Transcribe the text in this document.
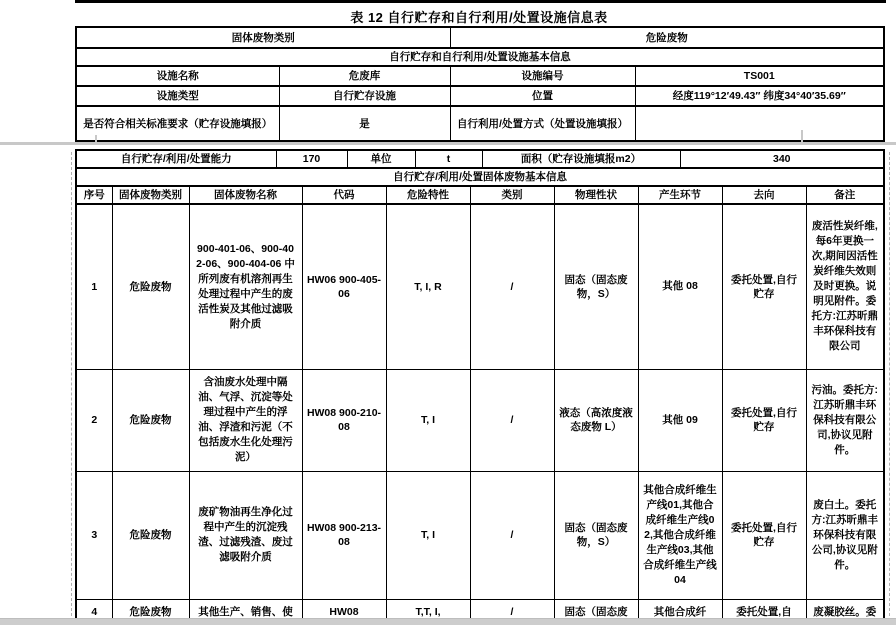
表 12 自行贮存和自行利用/处置设施信息表
固体废物类别		危险废物	
自行贮存和自行利用/处置设施基本信息			
设施名称	危废库	设施编号	TS001
设施类型	自行贮存设施	位置	经度119°12′49.43″ 纬度34°40′35.69″
是否符合相关标准要求（贮存设施填报）	是	自行利用/处置方式（处置设施填报）	
自行贮存/利用/处置能力	170	单位	t	面积（贮存设施填报m2）	340
自行贮存/利用/处置固体废物基本信息									
序号	固体废物类别	固体废物名称	代码	危险特性	类别	物理性状	产生环节	去向	备注
1	危险废物	900-401-06、900-402-06、900-404-06 中所列废有机溶剂再生处理过程中产生的废活性炭及其他过滤吸附介质	HW06 900-405-06	T, I, R	/	固态（固态废物，S）	其他 08	委托处置,自行贮存	废活性炭纤维,每6年更换一次,期间因活性炭纤维失效则及时更换。说明见附件。委托方:江苏昕鼎丰环保科技有限公司
2	危险废物	含油废水处理中隔油、气浮、沉淀等处理过程中产生的浮油、浮渣和污泥（不包括废水生化处理污泥）	HW08 900-210-08	T, I	/	液态（高浓度液态废物 L）	其他 09	委托处置,自行贮存	污油。委托方:江苏昕鼎丰环保科技有限公司,协议见附件。
3	危险废物	废矿物油再生净化过程中产生的沉淀残渣、过滤残渣、废过滤吸附介质	HW08 900-213-08	T, I	/	固态（固态废物，S）	其他合成纤维生产线01,其他合成纤维生产线02,其他合成纤维生产线03,其他合成纤维生产线04	委托处置,自行贮存	废白土。委托方:江苏昕鼎丰环保科技有限公司,协议见附件。
4	危险废物	其他生产、销售、使	HW08	T,T, I,	/	固态（固态废	其他合成纤	委托处置,自	废凝胶丝。委
